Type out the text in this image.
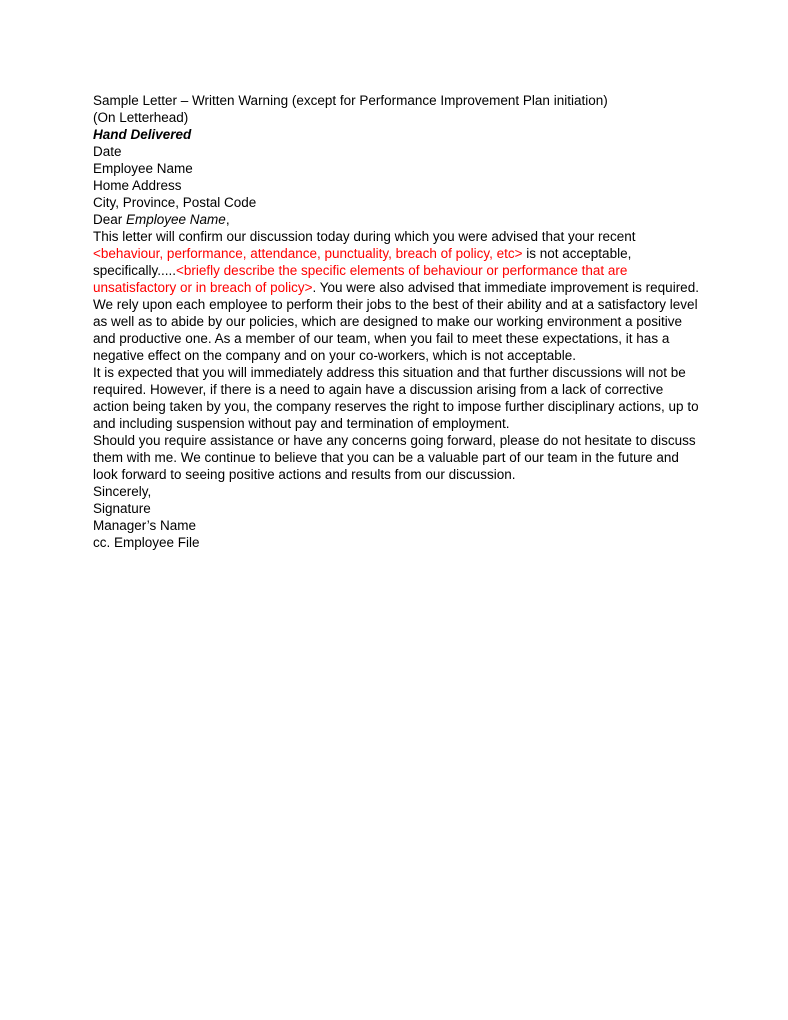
Sample Letter – Written Warning (except for Performance Improvement Plan initiation)
(On Letterhead)
Hand Delivered
Date
Employee Name
Home Address
City, Province, Postal Code
Dear Employee Name,

This letter will confirm our discussion today during which you were advised that your recent <behaviour, performance, attendance, punctuality, breach of policy, etc> is not acceptable, specifically.....<briefly describe the specific elements of behaviour or performance that are unsatisfactory or in breach of policy>. You were also advised that immediate improvement is required.

We rely upon each employee to perform their jobs to the best of their ability and at a satisfactory level as well as to abide by our policies, which are designed to make our working environment a positive and productive one. As a member of our team, when you fail to meet these expectations, it has a negative effect on the company and on your co-workers, which is not acceptable.

It is expected that you will immediately address this situation and that further discussions will not be required. However, if there is a need to again have a discussion arising from a lack of corrective action being taken by you, the company reserves the right to impose further disciplinary actions, up to and including suspension without pay and termination of employment.

Should you require assistance or have any concerns going forward, please do not hesitate to discuss them with me. We continue to believe that you can be a valuable part of our team in the future and look forward to seeing positive actions and results from our discussion.

Sincerely,
Signature
Manager’s Name
cc. Employee File
